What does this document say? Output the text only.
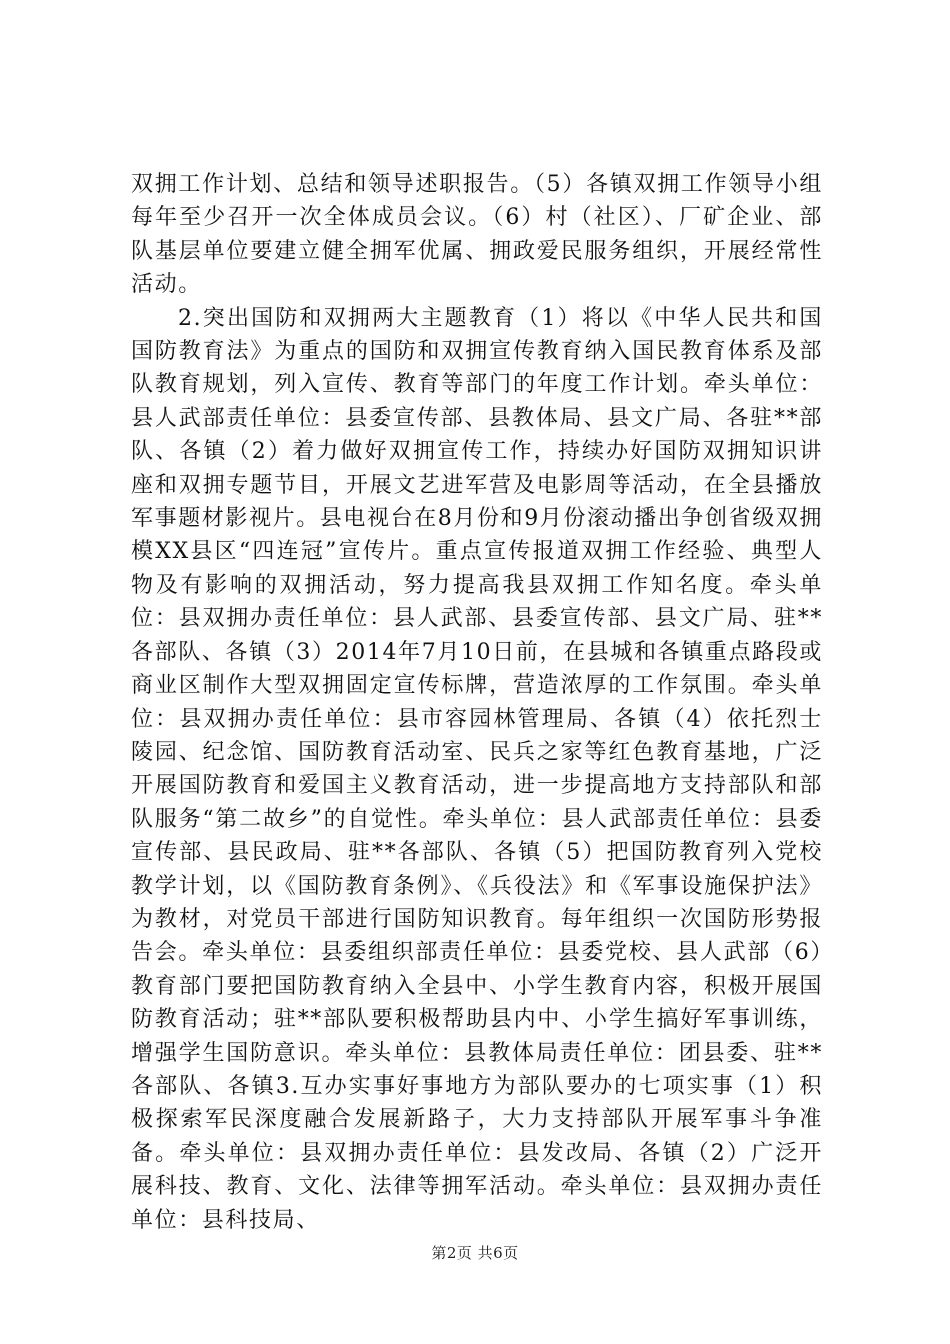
双拥工作计划、总结和领导述职报告。（5）各镇双拥工作领导小组每年至少召开一次全体成员会议。（6）村（社区）、厂矿企业、部队基层单位要建立健全拥军优属、拥政爱民服务组织，开展经常性活动。

2.突出国防和双拥两大主题教育（1）将以《中华人民共和国国防教育法》为重点的国防和双拥宣传教育纳入国民教育体系及部队教育规划，列入宣传、教育等部门的年度工作计划。牵头单位：县人武部责任单位：县委宣传部、县教体局、县文广局、各驻**部队、各镇（2）着力做好双拥宣传工作，持续办好国防双拥知识讲座和双拥专题节目，开展文艺进军营及电影周等活动，在全县播放军事题材影视片。县电视台在8月份和9月份滚动播出争创省级双拥模XX县区“四连冠”宣传片。重点宣传报道双拥工作经验、典型人物及有影响的双拥活动，努力提高我县双拥工作知名度。牵头单位：县双拥办责任单位：县人武部、县委宣传部、县文广局、驻**各部队、各镇（3）2014年7月10日前，在县城和各镇重点路段或商业区制作大型双拥固定宣传标牌，营造浓厚的工作氛围。牵头单位：县双拥办责任单位：县市容园林管理局、各镇（4）依托烈士陵园、纪念馆、国防教育活动室、民兵之家等红色教育基地，广泛开展国防教育和爱国主义教育活动，进一步提高地方支持部队和部队服务“第二故乡”的自觉性。牵头单位：县人武部责任单位：县委宣传部、县民政局、驻**各部队、各镇（5）把国防教育列入党校教学计划，以《国防教育条例》、《兵役法》和《军事设施保护法》为教材，对党员干部进行国防知识教育。每年组织一次国防形势报告会。牵头单位：县委组织部责任单位：县委党校、县人武部（6）教育部门要把国防教育纳入全县中、小学生教育内容，积极开展国防教育活动；驻**部队要积极帮助县内中、小学生搞好军事训练，增强学生国防意识。牵头单位：县教体局责任单位：团县委、驻**各部队、各镇3.互办实事好事地方为部队要办的七项实事（1）积极探索军民深度融合发展新路子，大力支持部队开展军事斗争准备。牵头单位：县双拥办责任单位：县发改局、各镇（2）广泛开展科技、教育、文化、法律等拥军活动。牵头单位：县双拥办责任单位：县科技局、

第2页 共6页
